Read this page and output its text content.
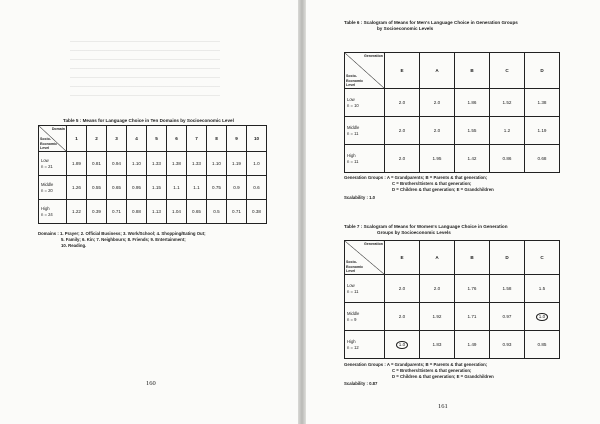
Table 5 : Means for Language Choice in Ten Domains by Socioeconomic Level
Domain
Socio-
Economic
Level	1	2	3	4	5	6	7	8	9	10

Low
n = 21	1.89	0.81	0.94	1.10	1.33	1.38	1.33	1.10	1.19	1.0

Middle
n = 20	1.26	0.55	0.65	0.95	1.15	1.1	1.1	0.75	0.9	0.6

High
n = 24	1.22	0.39	0.71	0.88	1.13	1.04	0.65	0.5	0.71	0.38
Domains : 1. Prayer; 2. Official Business; 3. Work/School; 4. Shopping/Eating Out;
5. Family; 6. Kin; 7. Neighbours; 8. Friends; 9. Entertainment;
10. Reading.
160
Table 6 : Scalogram of Means for Men's Language Choice in Generation Groups
by Socioeconomic Levels
Generation
Socio-
Economic
Level	E	A	B	C	D

Low
n = 10	2.0	2.0	1.86	1.52	1.38

Middle
n = 11	2.0	2.0	1.55	1.2	1.19

High
n = 11	2.0	1.95	1.42	0.86	0.68
Generation Groups : A = Grandparents; B = Parents & that generation;
C = Brothers/Sisters & that generation;
D = Children & that generation; E = Grandchildren
Scalability : 1.0
Table 7 : Scalogram of Means for Women's Language Choice in Generation
Groups by Socioeconomic Levels
Generation
Socio-
Economic
Level	E	A	B	D	C

Low
n = 11	2.0	2.0	1.76	1.58	1.5

Middle
n = 9	2.0	1.92	1.71	0.97	1.0

High
n = 12	1.0	1.83	1.49	0.93	0.85
Generation Groups : A = Grandparents; B = Parents & that generation;
C = Brothers/Sisters & that generation;
D = Children & that generation; E = Grandchildren
Scalability : 0.87
161
